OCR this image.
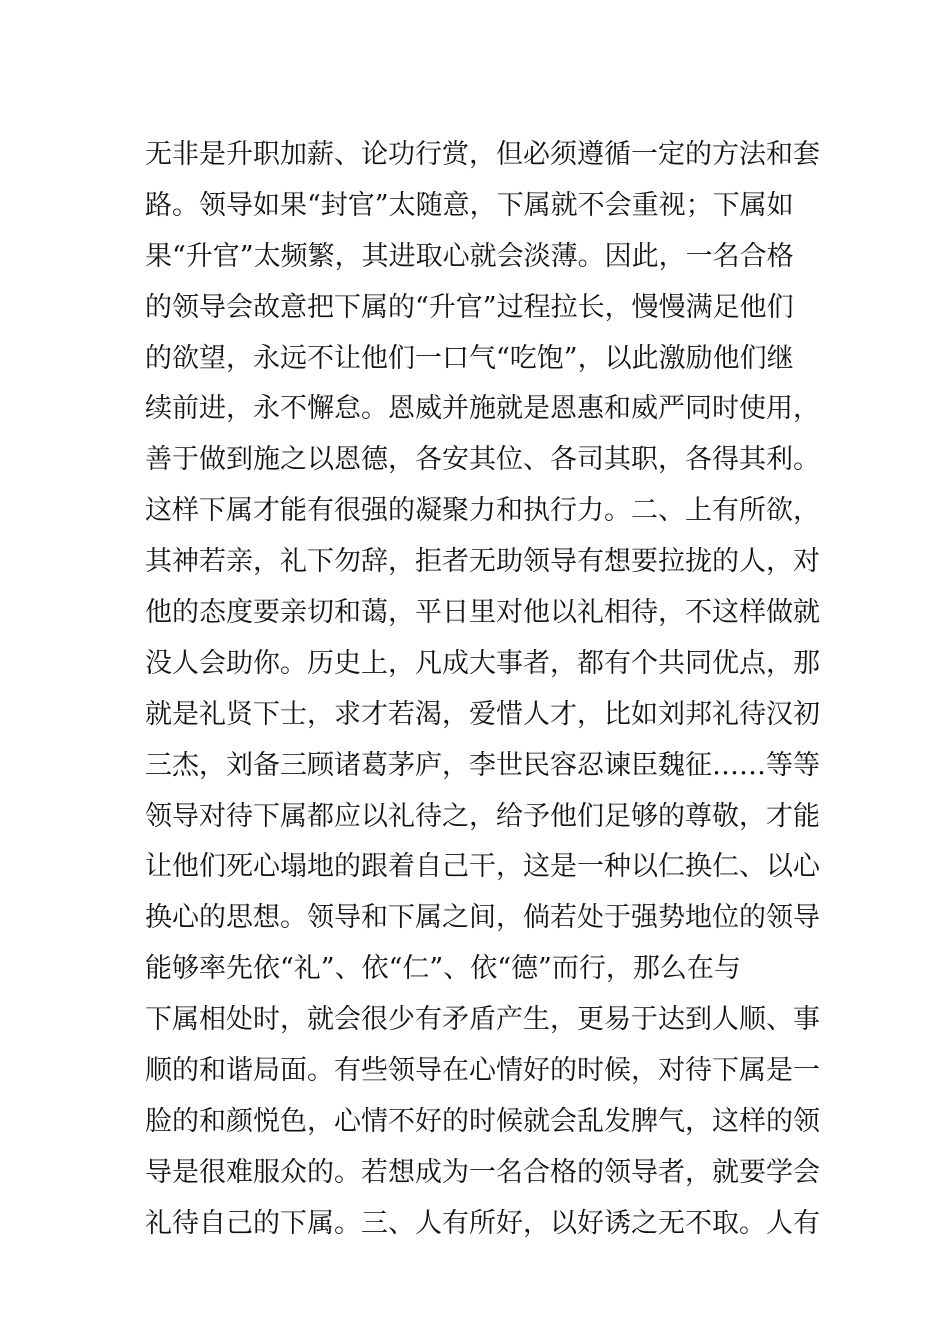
无非是升职加薪、论功行赏，但必须遵循一定的方法和套
路。领导如果“封官”太随意，下属就不会重视；下属如
果“升官”太频繁，其进取心就会淡薄。因此，一名合格
的领导会故意把下属的“升官”过程拉长，慢慢满足他们
的欲望，永远不让他们一口气“吃饱”，以此激励他们继
续前进，永不懈怠。恩威并施就是恩惠和威严同时使用，
善于做到施之以恩德，各安其位、各司其职，各得其利。
这样下属才能有很强的凝聚力和执行力。二、上有所欲，
其神若亲，礼下勿辞，拒者无助领导有想要拉拢的人，对
他的态度要亲切和蔼，平日里对他以礼相待，不这样做就
没人会助你。历史上，凡成大事者，都有个共同优点，那
就是礼贤下士，求才若渴，爱惜人才，比如刘邦礼待汉初
三杰，刘备三顾诸葛茅庐，李世民容忍谏臣魏征……等等
领导对待下属都应以礼待之，给予他们足够的尊敬，才能
让他们死心塌地的跟着自己干，这是一种以仁换仁、以心
换心的思想。领导和下属之间，倘若处于强势地位的领导
能够率先依“礼”、依“仁”、依“德”而行，那么在与
下属相处时，就会很少有矛盾产生，更易于达到人顺、事
顺的和谐局面。有些领导在心情好的时候，对待下属是一
脸的和颜悦色，心情不好的时候就会乱发脾气，这样的领
导是很难服众的。若想成为一名合格的领导者，就要学会
礼待自己的下属。三、人有所好，以好诱之无不取。人有
